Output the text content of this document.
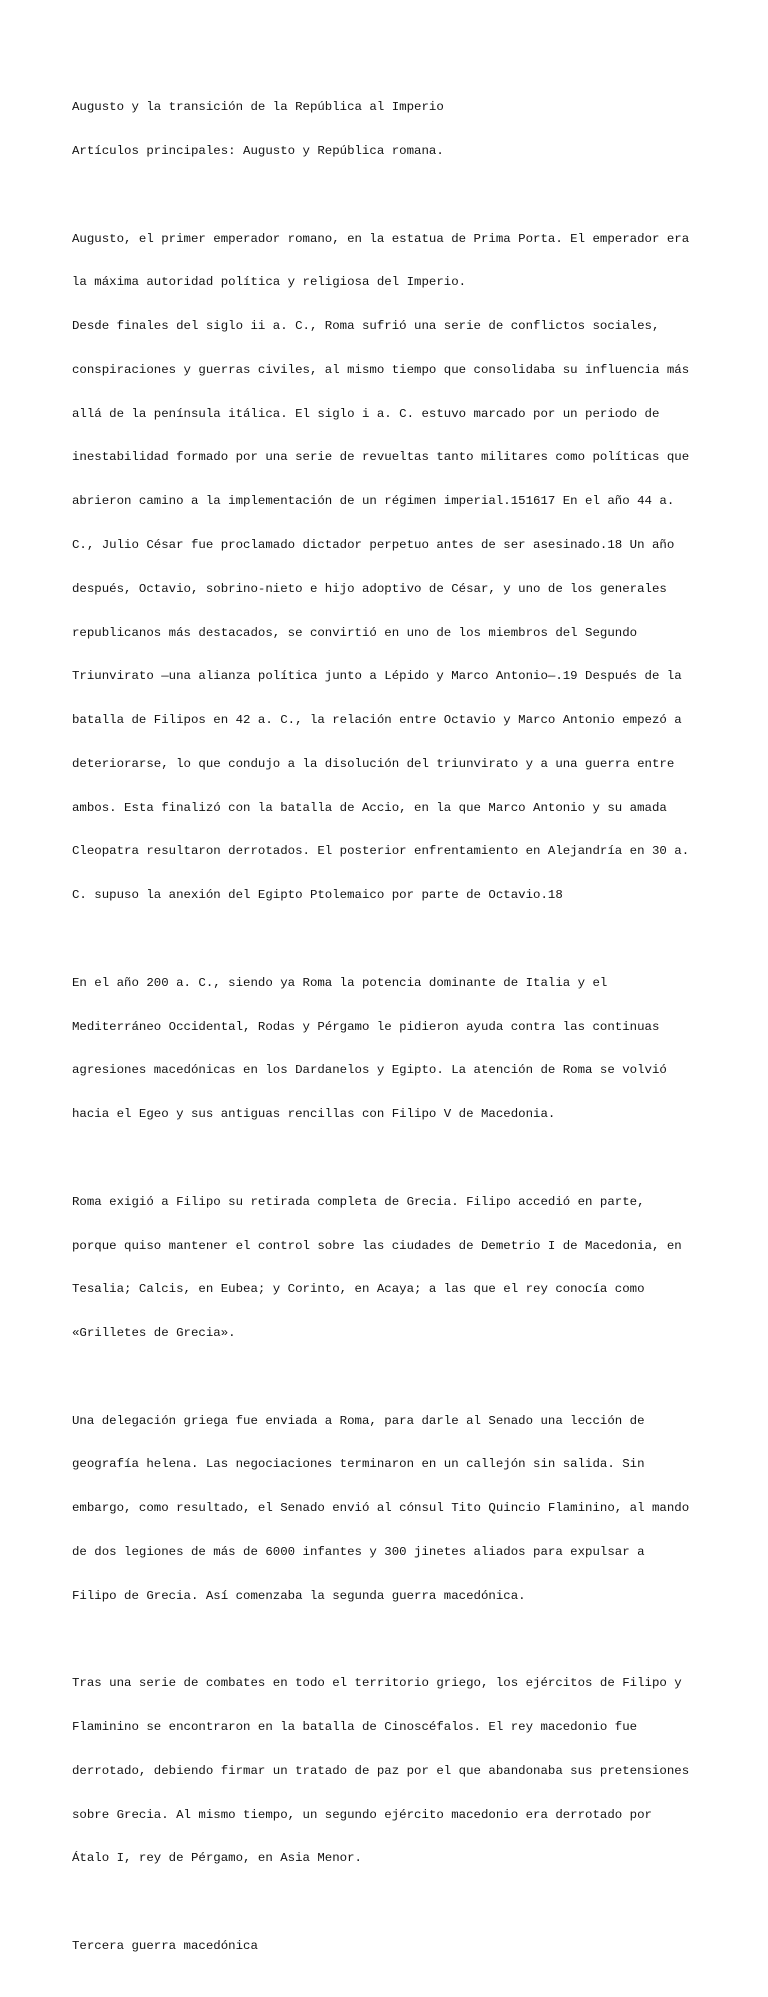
Augusto y la transición de la República al Imperio

Artículos principales: Augusto y República romana.

Augusto, el primer emperador romano, en la estatua de Prima Porta. El emperador era

la máxima autoridad política y religiosa del Imperio.

Desde finales del siglo ii a. C., Roma sufrió una serie de conflictos sociales,

conspiraciones y guerras civiles, al mismo tiempo que consolidaba su influencia más

allá de la península itálica. El siglo i a. C. estuvo marcado por un periodo de

inestabilidad formado por una serie de revueltas tanto militares como políticas que

abrieron camino a la implementación de un régimen imperial.151617 En el año 44 a.

C., Julio César fue proclamado dictador perpetuo antes de ser asesinado.18 Un año

después, Octavio, sobrino-nieto e hijo adoptivo de César, y uno de los generales

republicanos más destacados, se convirtió en uno de los miembros del Segundo

Triunvirato —una alianza política junto a Lépido y Marco Antonio—.19 Después de la

batalla de Filipos en 42 a. C., la relación entre Octavio y Marco Antonio empezó a

deteriorarse, lo que condujo a la disolución del triunvirato y a una guerra entre

ambos. Esta finalizó con la batalla de Accio, en la que Marco Antonio y su amada

Cleopatra resultaron derrotados. El posterior enfrentamiento en Alejandría en 30 a.

C. supuso la anexión del Egipto Ptolemaico por parte de Octavio.18

En el año 200 a. C., siendo ya Roma la potencia dominante de Italia y el

Mediterráneo Occidental, Rodas y Pérgamo le pidieron ayuda contra las continuas

agresiones macedónicas en los Dardanelos y Egipto. La atención de Roma se volvió

hacia el Egeo y sus antiguas rencillas con Filipo V de Macedonia.

Roma exigió a Filipo su retirada completa de Grecia. Filipo accedió en parte,

porque quiso mantener el control sobre las ciudades de Demetrio I de Macedonia, en

Tesalia; Calcis, en Eubea; y Corinto, en Acaya; a las que el rey conocía como

«Grilletes de Grecia».

Una delegación griega fue enviada a Roma, para darle al Senado una lección de

geografía helena. Las negociaciones terminaron en un callejón sin salida. Sin

embargo, como resultado, el Senado envió al cónsul Tito Quincio Flaminino, al mando

de dos legiones de más de 6000 infantes y 300 jinetes aliados para expulsar a

Filipo de Grecia. Así comenzaba la segunda guerra macedónica.

Tras una serie de combates en todo el territorio griego, los ejércitos de Filipo y

Flaminino se encontraron en la batalla de Cinoscéfalos. El rey macedonio fue

derrotado, debiendo firmar un tratado de paz por el que abandonaba sus pretensiones

sobre Grecia. Al mismo tiempo, un segundo ejército macedonio era derrotado por

Átalo I, rey de Pérgamo, en Asia Menor.

Tercera guerra macedónica
